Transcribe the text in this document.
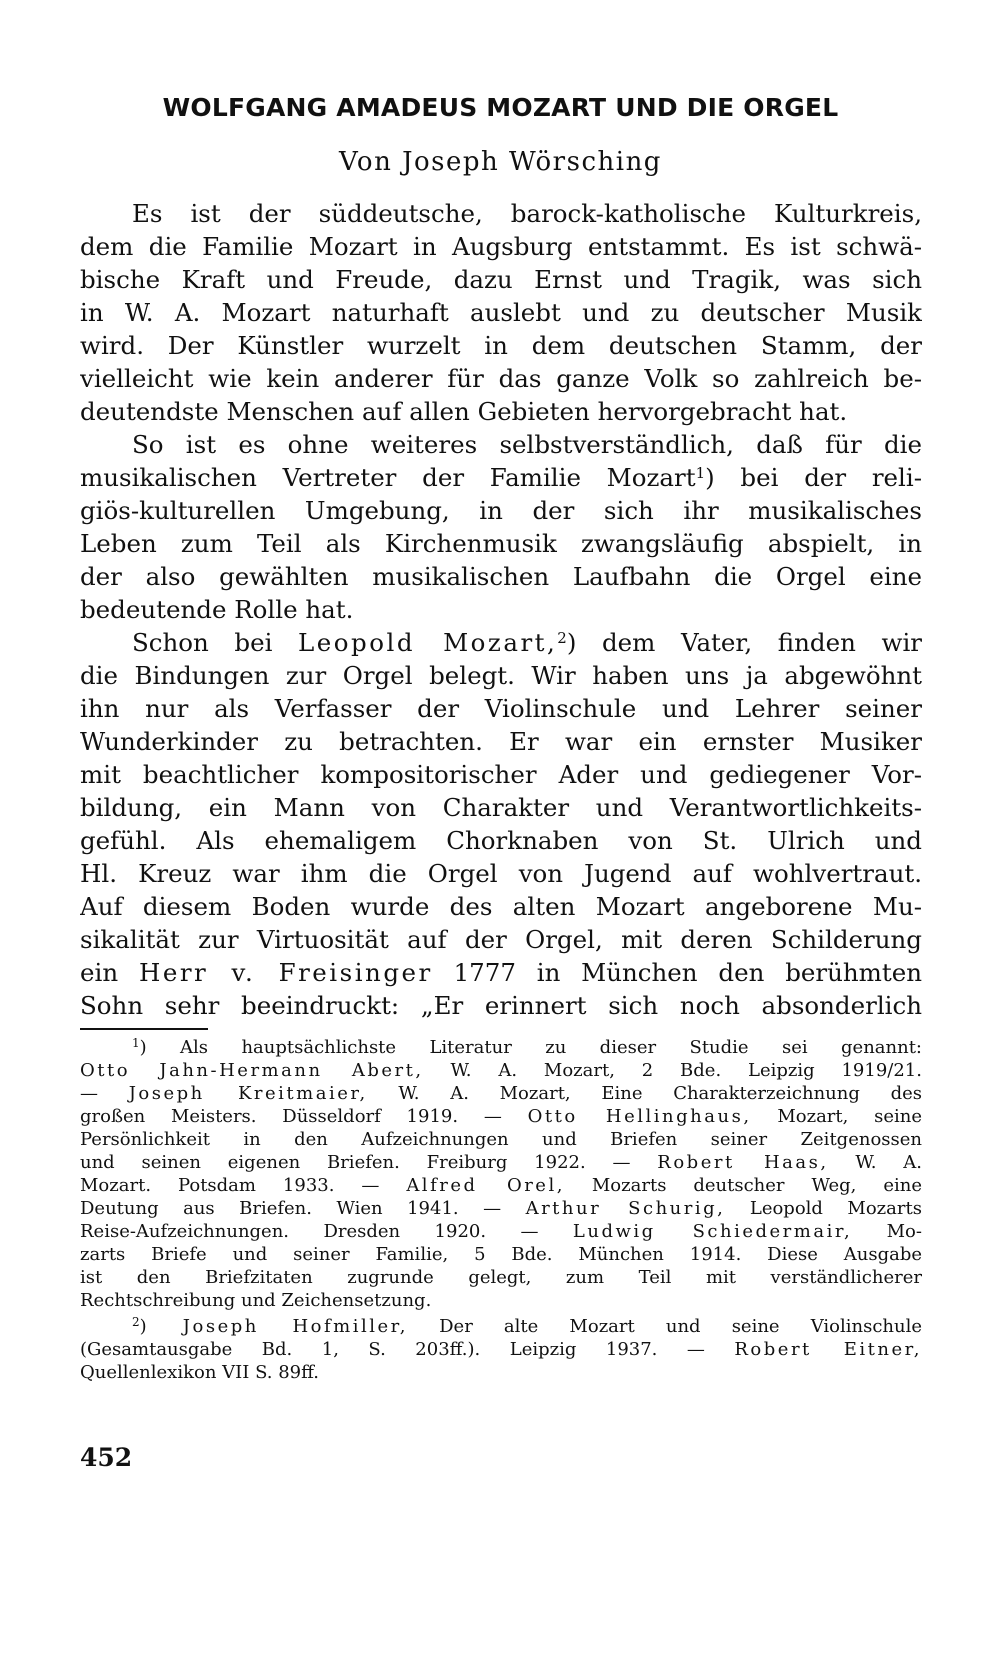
WOLFGANG AMADEUS MOZART UND DIE ORGEL
Von Joseph Wörsching

Es ist der süddeutsche, barock-katholische Kulturkreis,

dem die Familie Mozart in Augsburg entstammt. Es ist schwä-

bische Kraft und Freude, dazu Ernst und Tragik, was sich

in W. A. Mozart naturhaft auslebt und zu deutscher Musik

wird. Der Künstler wurzelt in dem deutschen Stamm, der

vielleicht wie kein anderer für das ganze Volk so zahlreich be-

deutendste Menschen auf allen Gebieten hervorgebracht hat.

So ist es ohne weiteres selbstverständlich, daß für die

musikalischen Vertreter der Familie Mozart$^1$) bei der reli-

giös-kulturellen Umgebung, in der sich ihr musikalisches

Leben zum Teil als Kirchenmusik zwangsläufig abspielt, in

der also gewählten musikalischen Laufbahn die Orgel eine

bedeutende Rolle hat.

Schon bei Leopold Mozart,$^2$) dem Vater, finden wir

die Bindungen zur Orgel belegt. Wir haben uns ja abgewöhnt

ihn nur als Verfasser der Violinschule und Lehrer seiner

Wunderkinder zu betrachten. Er war ein ernster Musiker

mit beachtlicher kompositorischer Ader und gediegener Vor-

bildung, ein Mann von Charakter und Verantwortlichkeits-

gefühl. Als ehemaligem Chorknaben von St. Ulrich und

Hl. Kreuz war ihm die Orgel von Jugend auf wohlvertraut.

Auf diesem Boden wurde des alten Mozart angeborene Mu-

sikalität zur Virtuosität auf der Orgel, mit deren Schilderung

ein Herr v. Freisinger 1777 in München den berühmten

Sohn sehr beeindruckt: „Er erinnert sich noch absonderlich

$^1$) Als hauptsächlichste Literatur zu dieser Studie sei genannt:

Otto Jahn-Hermann Abert, W. A. Mozart, 2 Bde. Leipzig 1919/21.

— Joseph Kreitmaier, W. A. Mozart, Eine Charakterzeichnung des

großen Meisters. Düsseldorf 1919. — Otto Hellinghaus, Mozart, seine

Persönlichkeit in den Aufzeichnungen und Briefen seiner Zeitgenossen

und seinen eigenen Briefen. Freiburg 1922. — Robert Haas, W. A.

Mozart. Potsdam 1933. — Alfred Orel, Mozarts deutscher Weg, eine

Deutung aus Briefen. Wien 1941. — Arthur Schurig, Leopold Mozarts

Reise-Aufzeichnungen. Dresden 1920. — Ludwig Schiedermair, Mo-

zarts Briefe und seiner Familie, 5 Bde. München 1914. Diese Ausgabe

ist den Briefzitaten zugrunde gelegt, zum Teil mit verständlicherer

Rechtschreibung und Zeichensetzung.

$^2$) Joseph Hofmiller, Der alte Mozart und seine Violinschule

(Gesamtausgabe Bd. 1, S. 203ff.). Leipzig 1937. — Robert Eitner,

Quellenlexikon VII S. 89ff.

452
